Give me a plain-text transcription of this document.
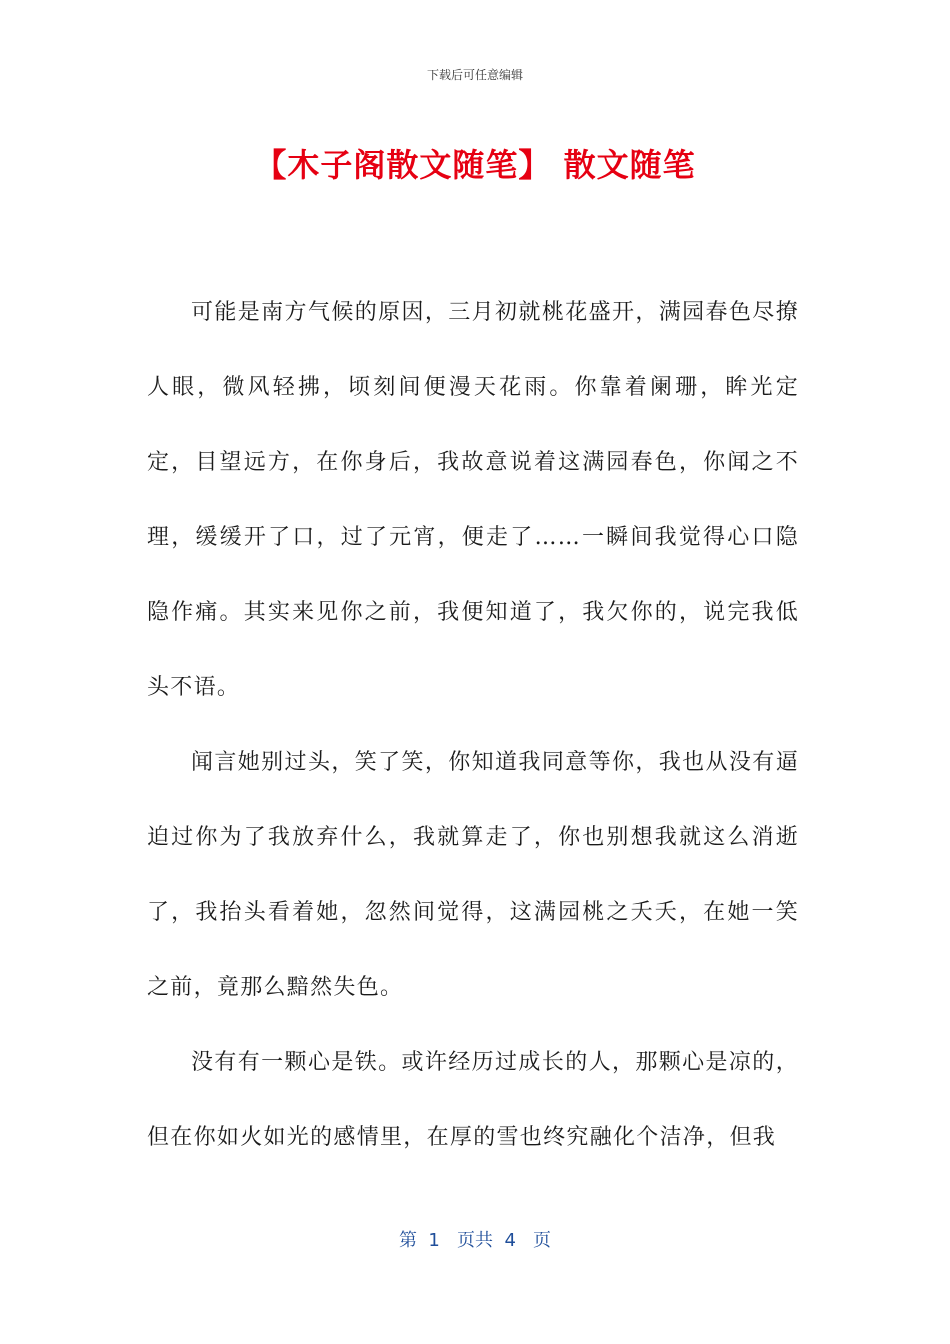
下载后可任意编辑
【木子阁散文随笔】 散文随笔

可能是南方气候的原因，三月初就桃花盛开，满园春色尽撩人眼，微风轻拂，顷刻间便漫天花雨。你靠着阑珊，眸光定定，目望远方，在你身后，我故意说着这满园春色，你闻之不理，缓缓开了口，过了元宵，便走了……一瞬间我觉得心口隐隐作痛。其实来见你之前，我便知道了，我欠你的，说完我低头不语。

闻言她别过头，笑了笑，你知道我同意等你，我也从没有逼迫过你为了我放弃什么，我就算走了，你也别想我就这么消逝了，我抬头看着她，忽然间觉得，这满园桃之夭夭，在她一笑之前，竟那么黯然失色。

没有有一颗心是铁。或许经历过成长的人，那颗心是凉的，但在你如火如光的感情里，在厚的雪也终究融化个洁净，但我

第  1   页共  4   页
